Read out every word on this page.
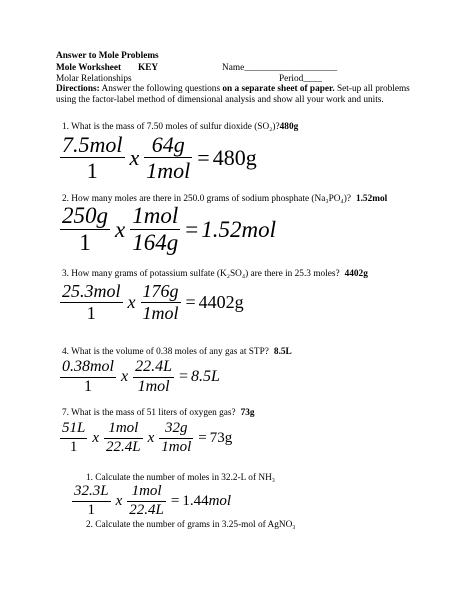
Answer to Mole Problems
Mole Worksheet KEY	Name____________________
Molar Relationships	Period____
Directions: Answer the following questions on a separate sheet of paper. Set-up all problems using the factor-label method of dimensional analysis and show all your work and units.
1. What is the mass of 7.50 moles of sulfur dioxide (SO₂)?480g
$\frac{\text{7.5mol}}{1}$ x $\frac{64g}{\text{1mol}} = 480g$
2. How many moles are there in 250.0 grams of sodium phosphate (Na₃PO₄)? 1.52mol
$\frac{250g}{1}$ x $\frac{\text{1mol}}{164g} = 1.52mol$
3. How many grams of potassium sulfate (K₂SO₄) are there in 25.3 moles? 4402g
$\frac{\text{25.3mol}}{1}$ x $\frac{176g}{\text{1mol}} = 4402g$
4. What is the volume of 0.38 moles of any gas at STP? 8.5L
$\frac{\text{0.38mol}}{1}$ x $\frac{22.4L}{\text{1mol}} = 8.5L$
7. What is the mass of 51 liters of oxygen gas? 73g
$\frac{51L}{1}$ x $\frac{\text{1mol}}{22.4L}$ x $\frac{32g}{\text{1mol}} = 73g$
1. Calculate the number of moles in 32.2-L of NH₃
$\frac{32.3L}{1}$ x $\frac{\text{1mol}}{22.4L} = 1.44mol$
2. Calculate the number of grams in 3.25-mol of AgNO₃
